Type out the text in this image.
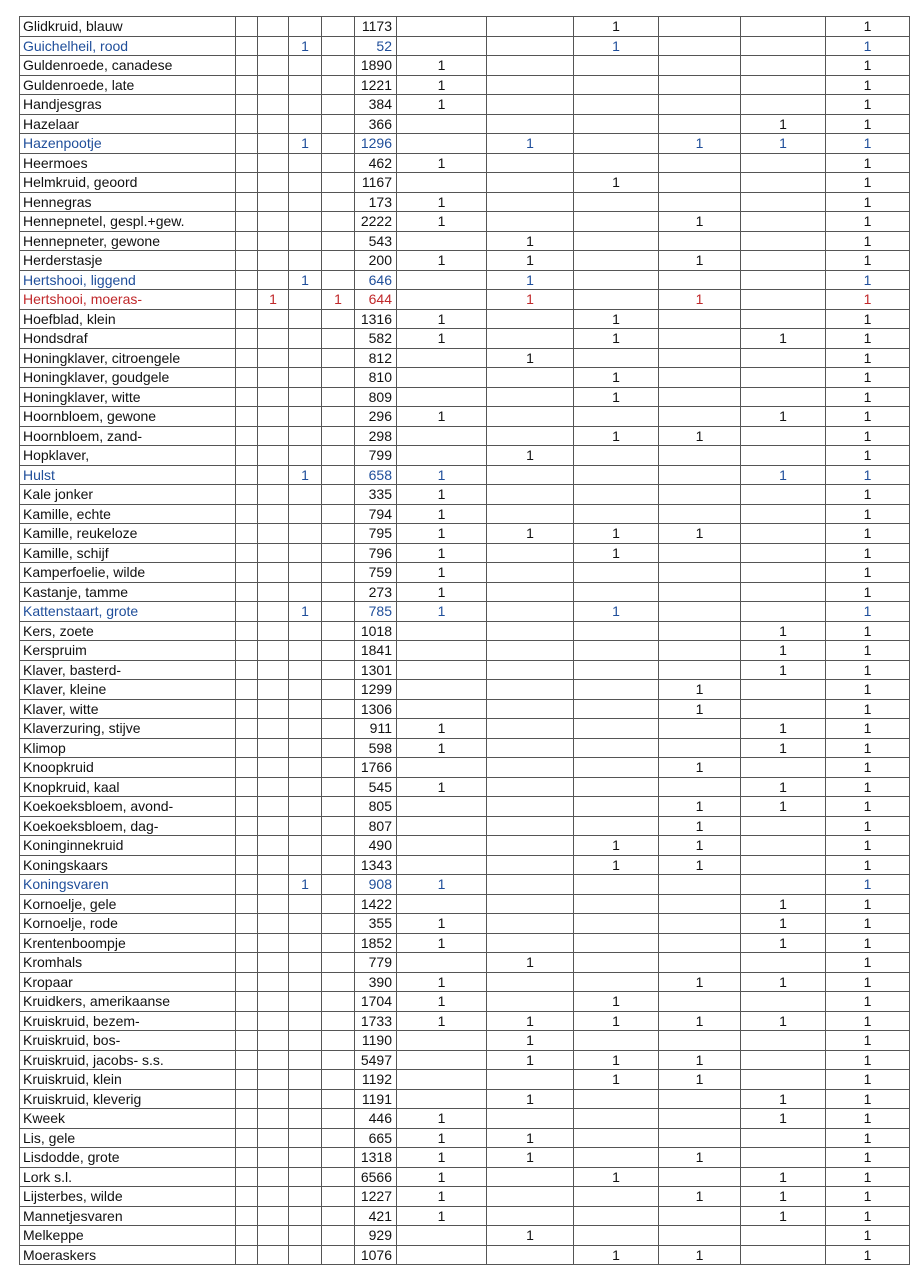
Glidkruid, blauw					1173			1			1
Guichelheil, rood			1		52			1			1
Guldenroede, canadese					1890	1					1
Guldenroede, late					1221	1					1
Handjesgras					384	1					1
Hazelaar					366					1	1
Hazenpootje			1		1296		1		1	1	1
Heermoes					462	1					1
Helmkruid, geoord					1167			1			1
Hennegras					173	1					1
Hennepnetel, gespl.+gew.					2222	1			1		1
Hennepneter, gewone					543		1				1
Herderstasje					200	1	1		1		1
Hertshooi, liggend			1		646		1				1
Hertshooi, moeras-		1		1	644		1		1		1
Hoefblad, klein					1316	1		1			1
Hondsdraf					582	1		1		1	1
Honingklaver, citroengele					812		1				1
Honingklaver, goudgele					810			1			1
Honingklaver, witte					809			1			1
Hoornbloem, gewone					296	1				1	1
Hoornbloem, zand-					298			1	1		1
Hopklaver,					799		1				1
Hulst			1		658	1				1	1
Kale jonker					335	1					1
Kamille, echte					794	1					1
Kamille, reukeloze					795	1	1	1	1		1
Kamille, schijf					796	1		1			1
Kamperfoelie, wilde					759	1					1
Kastanje, tamme					273	1					1
Kattenstaart, grote			1		785	1		1			1
Kers, zoete					1018					1	1
Kerspruim					1841					1	1
Klaver, basterd-					1301					1	1
Klaver, kleine					1299				1		1
Klaver, witte					1306				1		1
Klaverzuring, stijve					911	1				1	1
Klimop					598	1				1	1
Knoopkruid					1766				1		1
Knopkruid, kaal					545	1				1	1
Koekoeksbloem, avond-					805				1	1	1
Koekoeksbloem, dag-					807				1		1
Koninginnekruid					490			1	1		1
Koningskaars					1343			1	1		1
Koningsvaren			1		908	1					1
Kornoelje, gele					1422					1	1
Kornoelje, rode					355	1				1	1
Krentenboompje					1852	1				1	1
Kromhals					779		1				1
Kropaar					390	1			1	1	1
Kruidkers, amerikaanse					1704	1		1			1
Kruiskruid, bezem-					1733	1	1	1	1	1	1
Kruiskruid, bos-					1190		1				1
Kruiskruid, jacobs- s.s.					5497		1	1	1		1
Kruiskruid, klein					1192			1	1		1
Kruiskruid, kleverig					1191		1			1	1
Kweek					446	1				1	1
Lis, gele					665	1	1				1
Lisdodde, grote					1318	1	1		1		1
Lork s.l.					6566	1		1		1	1
Lijsterbes, wilde					1227	1			1	1	1
Mannetjesvaren					421	1				1	1
Melkeppe					929		1				1
Moeraskers					1076			1	1		1
